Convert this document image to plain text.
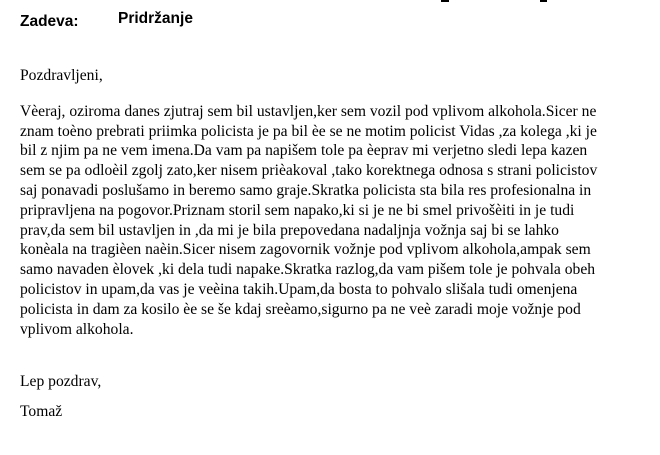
Zadeva:	Pridržanje

Pozdravljeni,

Vèeraj, oziroma danes zjutraj sem bil ustavljen,ker sem vozil pod vplivom alkohola.Sicer ne
znam toèno prebrati priimka policista je pa bil èe se ne motim policist Vidas ,za kolega ,ki je
bil z njim pa ne vem imena.Da vam pa napišem tole pa èeprav mi verjetno sledi lepa kazen
sem se pa odloèil zgolj zato,ker nisem prièakoval ,tako korektnega odnosa s strani policistov
saj ponavadi poslušamo in beremo samo graje.Skratka policista sta bila res profesionalna in
pripravljena na pogovor.Priznam storil sem napako,ki si je ne bi smel privošèiti in je tudi
prav,da sem bil ustavljen in ,da mi je bila prepovedana nadaljnja vožnja saj bi se lahko
konèala na tragièen naèin.Sicer nisem zagovornik vožnje pod vplivom alkohola,ampak sem
samo navaden èlovek ,ki dela tudi napake.Skratka razlog,da vam pišem tole je pohvala obeh
policistov in upam,da vas je veèina takih.Upam,da bosta to pohvalo slišala tudi omenjena
policista in dam za kosilo èe se še kdaj sreèamo,sigurno pa ne veè zaradi moje vožnje pod
vplivom alkohola.

Lep pozdrav,

Tomaž
